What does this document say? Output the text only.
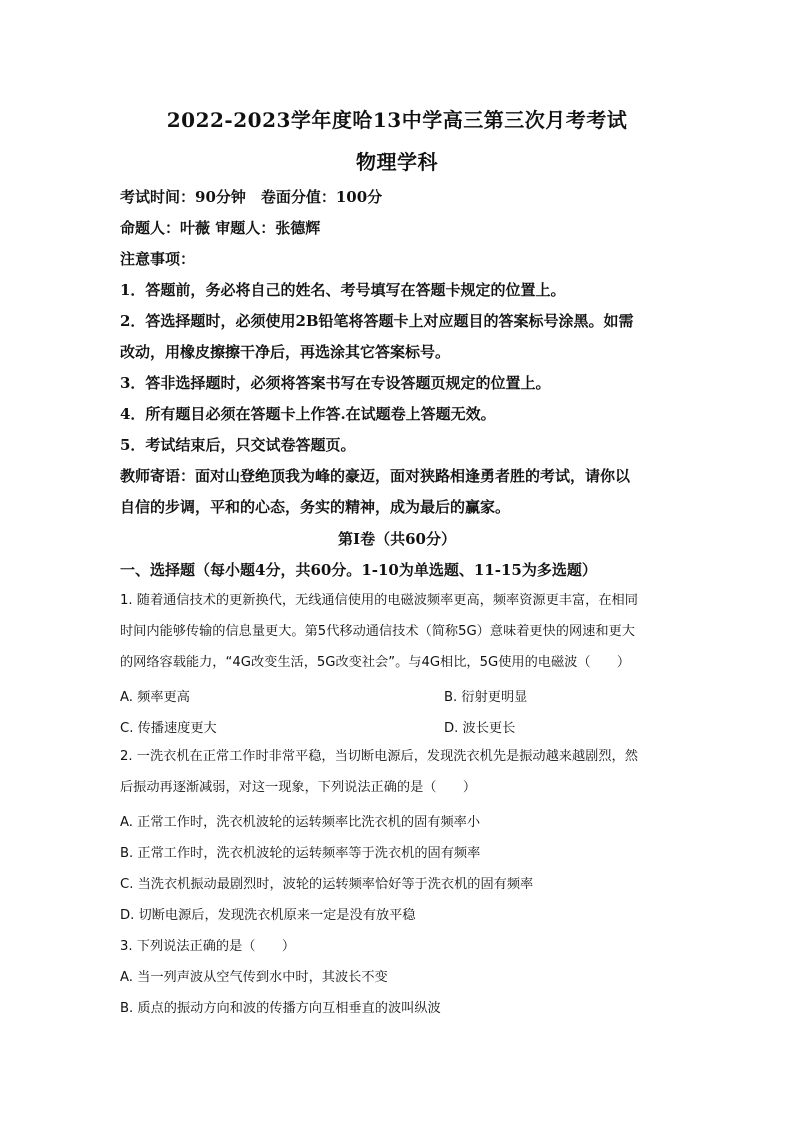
2022-2023学年度哈13中学高三第三次月考考试
物理学科
考试时间：90分钟　卷面分值：100分
命题人：叶薇 审题人：张德辉
注意事项：
1．答题前，务必将自己的姓名、考号填写在答题卡规定的位置上。
2．答选择题时，必须使用2B铅笔将答题卡上对应题目的答案标号涂黑。如需
改动，用橡皮擦擦干净后，再选涂其它答案标号。
3．答非选择题时，必须将答案书写在专设答题页规定的位置上。
4．所有题目必须在答题卡上作答.在试题卷上答题无效。
5．考试结束后，只交试卷答题页。
教师寄语：面对山登绝顶我为峰的豪迈，面对狭路相逢勇者胜的考试，请你以
自信的步调，平和的心态，务实的精神，成为最后的赢家。
第Ⅰ卷（共60分）
一、选择题（每小题4分，共60分。1-10为单选题、11-15为多选题）
1. 随着通信技术的更新换代，无线通信使用的电磁波频率更高，频率资源更丰富，在相同
时间内能够传输的信息量更大。第5代移动通信技术（简称5G）意味着更快的网速和更大
的网络容载能力，“4G改变生活，5G改变社会”。与4G相比，5G使用的电磁波（　　）
A. 频率更高	B. 衍射更明显
C. 传播速度更大	D. 波长更长
2. 一洗衣机在正常工作时非常平稳，当切断电源后，发现洗衣机先是振动越来越剧烈，然
后振动再逐渐减弱，对这一现象，下列说法正确的是（　　）
A. 正常工作时，洗衣机波轮的运转频率比洗衣机的固有频率小
B. 正常工作时，洗衣机波轮的运转频率等于洗衣机的固有频率
C. 当洗衣机振动最剧烈时，波轮的运转频率恰好等于洗衣机的固有频率
D. 切断电源后，发现洗衣机原来一定是没有放平稳
3. 下列说法正确的是（　　）
A. 当一列声波从空气传到水中时，其波长不变
B. 质点的振动方向和波的传播方向互相垂直的波叫纵波
